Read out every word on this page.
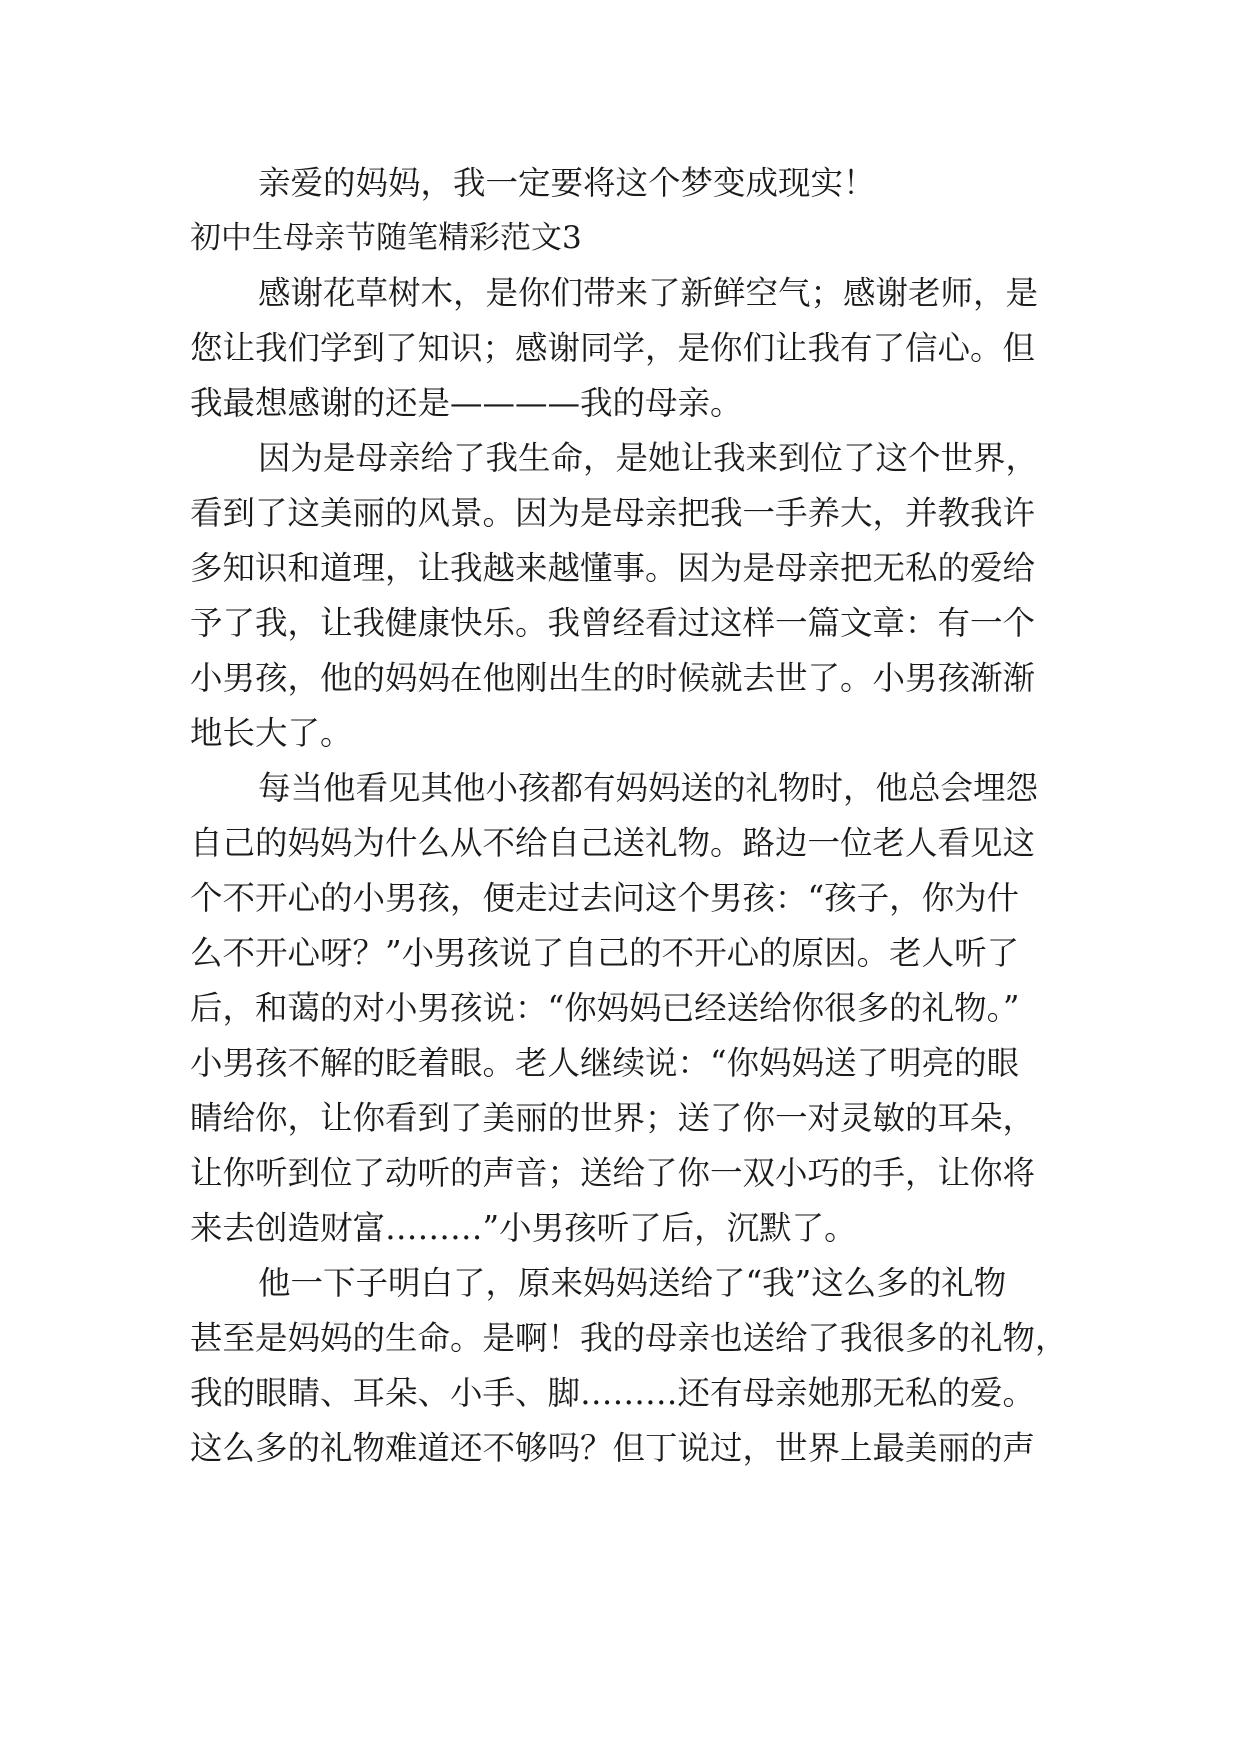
亲爱的妈妈，我一定要将这个梦变成现实！
初中生母亲节随笔精彩范文3
感谢花草树木，是你们带来了新鲜空气；感谢老师，是
您让我们学到了知识；感谢同学，是你们让我有了信心。但
我最想感谢的还是————我的母亲。
因为是母亲给了我生命，是她让我来到位了这个世界，
看到了这美丽的风景。因为是母亲把我一手养大，并教我许
多知识和道理，让我越来越懂事。因为是母亲把无私的爱给
予了我，让我健康快乐。我曾经看过这样一篇文章：有一个
小男孩，他的妈妈在他刚出生的时候就去世了。小男孩渐渐
地长大了。
每当他看见其他小孩都有妈妈送的礼物时，他总会埋怨
自己的妈妈为什么从不给自己送礼物。路边一位老人看见这
个不开心的小男孩，便走过去问这个男孩：“孩子，你为什
么不开心呀？”小男孩说了自己的不开心的原因。老人听了
后，和蔼的对小男孩说：“你妈妈已经送给你很多的礼物。”
小男孩不解的眨着眼。老人继续说：“你妈妈送了明亮的眼
睛给你，让你看到了美丽的世界；送了你一对灵敏的耳朵，
让你听到位了动听的声音；送给了你一双小巧的手，让你将
来去创造财富………”小男孩听了后，沉默了。
他一下子明白了，原来妈妈送给了“我”这么多的礼物
甚至是妈妈的生命。是啊！我的母亲也送给了我很多的礼物，
我的眼睛、耳朵、小手、脚………还有母亲她那无私的爱。
这么多的礼物难道还不够吗？但丁说过，世界上最美丽的声
